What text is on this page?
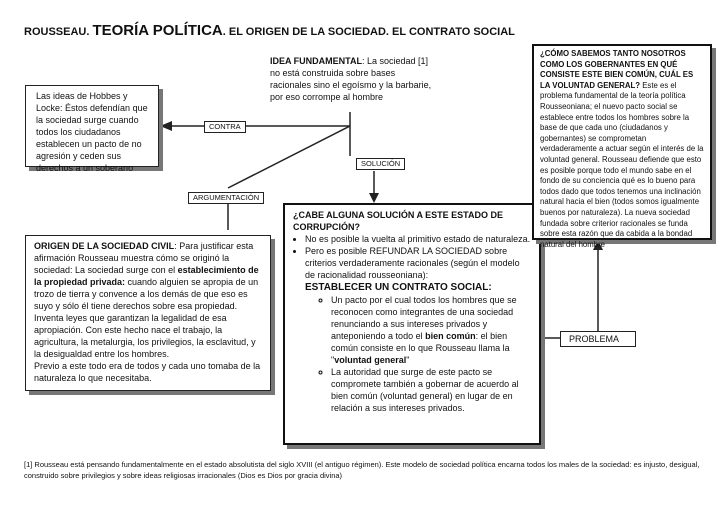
ROUSSEAU. TEORÍA POLÍTICA. EL ORIGEN DE LA SOCIEDAD. EL CONTRATO SOCIAL
IDEA FUNDAMENTAL: La sociedad [1] no está construida sobre bases racionales sino el egoísmo y la barbarie, por eso corrompe al hombre
Las ideas de Hobbes y Locke: Éstos defendían que la sociedad surge cuando todos los ciudadanos establecen un pacto de no agresión y ceden sus derechos a un soberano
CONTRA
SOLUCIÓN
ARGUMENTACIÓN
ORIGEN DE LA SOCIEDAD CIVIL: Para justificar esta afirmación Rousseau muestra cómo se originó la sociedad: La sociedad surge con el establecimiento de la propiedad privada: cuando alguien se apropia de un trozo de tierra y convence a los demás de que eso es suyo y sólo él tiene derechos sobre esa propiedad. Inventa leyes que garantizan la legalidad de esa apropiación. Con este hecho nace el trabajo, la agricultura, la metalurgia, los privilegios, la esclavitud, y la desigualdad entre los hombres.
Previo a este todo era de todos y cada uno tomaba de la naturaleza lo que necesitaba.
¿CABE ALGUNA SOLUCIÓN A ESTE ESTADO DE CORRUPCIÓN?
• No es posible la vuelta al primitivo estado de naturaleza.
• Pero es posible REFUNDAR LA SOCIEDAD sobre criterios verdaderamente racionales (según el modelo de racionalidad rousseoniana):
ESTABLECER UN CONTRATO SOCIAL:
◦ Un pacto por el cual todos los hombres que se reconocen como integrantes de una sociedad renunciando a sus intereses privados y anteponiendo a todo el bien común: el bien común consiste en lo que Rousseau llama la "voluntad general"
◦ La autoridad que surge de este pacto se compromete también a gobernar de acuerdo al bien común (voluntad general) en lugar de en relación a sus intereses privados.
PROBLEMA
¿CÓMO SABEMOS TANTO NOSOTROS COMO LOS GOBERNANTES EN QUÉ CONSISTE ESTE BIEN COMÚN, CUÁL ES LA VOLUNTAD GENERAL? Este es el problema fundamental de la teoría política Rousseoniana; el nuevo pacto social se establece entre todos los hombres sobre la base de que cada uno (ciudadanos y gobernantes) se comprometan verdaderamente a actuar según el interés de la voluntad general. Rousseau defiende que esto es posible porque todo el mundo sabe en el fondo de su conciencia qué es lo bueno para todos dado que todos tenemos una inclinación natural hacia el bien (todos somos igualmente buenos por naturaleza). La nueva sociedad fundada sobre criterior racionales se funda sobre esta razón que da cabida a la bondad natural del hombre
[1] Rousseau está pensando fundamentalmente en el estado absolutista del siglo XVIII (el antiguo régimen). Este modelo de sociedad política encarna todos los males de la sociedad: es injusto, desigual, construido sobre privilegios y sobre ideas religiosas irracionales (Dios es Dios por gracia divina)
